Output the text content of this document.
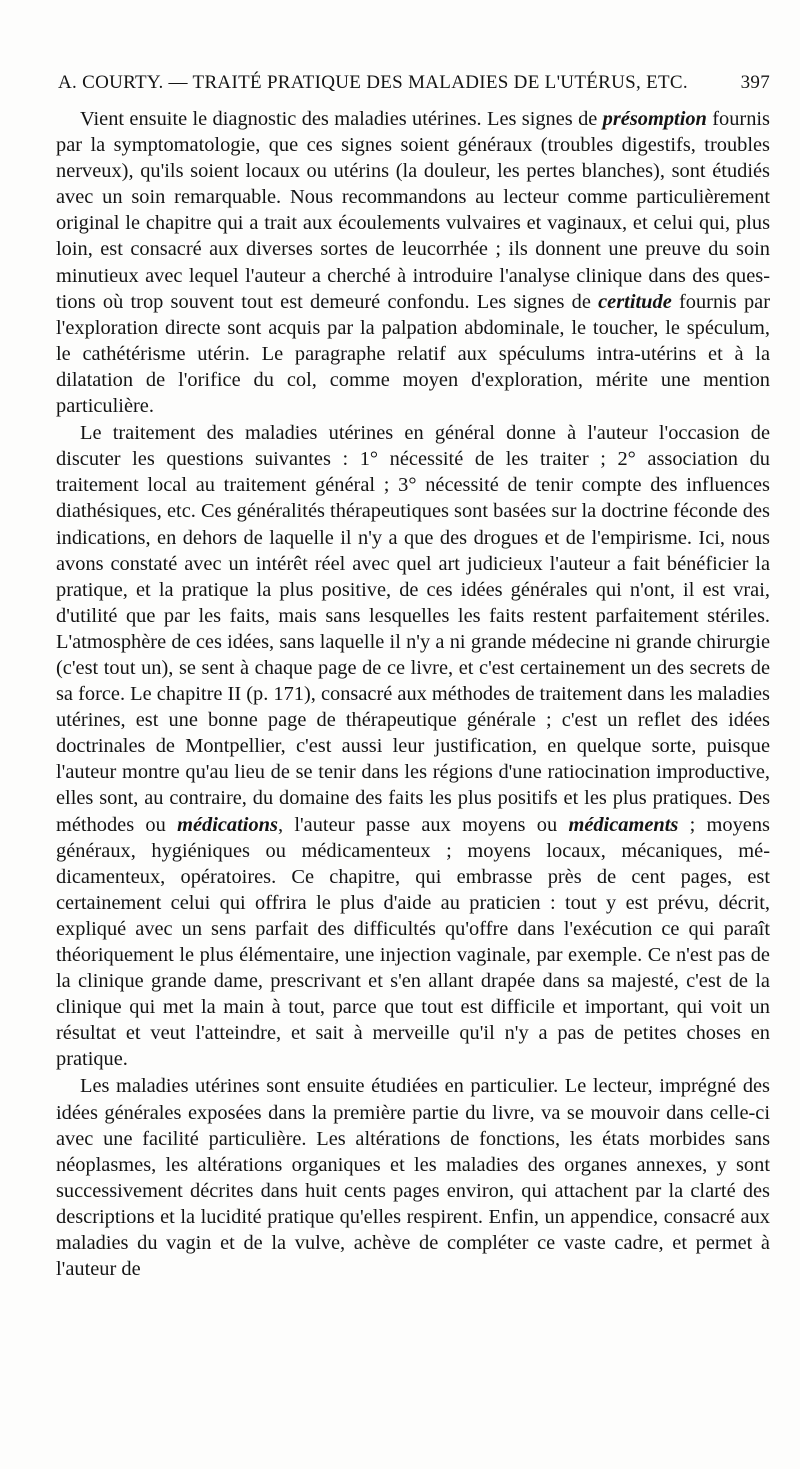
A. COURTY. — TRAITÉ PRATIQUE DES MALADIES DE L'UTÉRUS, ETC.	397

Vient ensuite le diagnostic des maladies utérines. Les signes de présomption fournis par la symptomatologie, que ces signes soient généraux (troubles digestifs, troubles nerveux), qu'ils soient locaux ou utérins (la douleur, les pertes blanches), sont étudiés avec un soin remarquable. Nous recommandons au lecteur comme particulièrement original le chapitre qui a trait aux écoulements vulvaires et vaginaux, et celui qui, plus loin, est consacré aux diverses sortes de leucorrhée ; ils donnent une preuve du soin minutieux avec lequel l'auteur a cherché à introduire l'analyse clinique dans des questions où trop souvent tout est demeuré confondu. Les signes de certitude fournis par l'exploration directe sont acquis par la palpation abdominale, le toucher, le spéculum, le cathétérisme utérin. Le paragraphe relatif aux spéculums intra-utérins et à la dilatation de l'orifice du col, comme moyen d'exploration, mérite une mention particulière.

Le traitement des maladies utérines en général donne à l'auteur l'occasion de discuter les questions suivantes : 1° nécessité de les traiter ; 2° association du traitement local au traitement général ; 3° nécessité de tenir compte des influences diathésiques, etc. Ces généralités thérapeutiques sont basées sur la doctrine féconde des indications, en dehors de laquelle il n'y a que des drogues et de l'empirisme. Ici, nous avons constaté avec un intérêt réel avec quel art judicieux l'auteur a fait bénéficier la pratique, et la pratique la plus positive, de ces idées générales qui n'ont, il est vrai, d'utilité que par les faits, mais sans lesquelles les faits restent parfaitement stériles. L'atmosphère de ces idées, sans laquelle il n'y a ni grande médecine ni grande chirurgie (c'est tout un), se sent à chaque page de ce livre, et c'est certainement un des secrets de sa force. Le chapitre II (p. 171), consacré aux méthodes de traitement dans les maladies utérines, est une bonne page de thérapeutique générale ; c'est un reflet des idées doctrinales de Montpellier, c'est aussi leur justification, en quelque sorte, puisque l'auteur montre qu'au lieu de se tenir dans les régions d'une ratiocination improductive, elles sont, au contraire, du domaine des faits les plus positifs et les plus pratiques. Des méthodes ou médications, l'auteur passe aux moyens ou médicaments ; moyens généraux, hygiéniques ou médicamenteux ; moyens locaux, mécaniques, médicamenteux, opératoires. Ce chapitre, qui embrasse près de cent pages, est certainement celui qui offrira le plus d'aide au praticien : tout y est prévu, décrit, expliqué avec un sens parfait des difficultés qu'offre dans l'exécution ce qui paraît théoriquement le plus élémentaire, une injection vaginale, par exemple. Ce n'est pas de la clinique grande dame, prescrivant et s'en allant drapée dans sa majesté, c'est de la clinique qui met la main à tout, parce que tout est difficile et important, qui voit un résultat et veut l'atteindre, et sait à merveille qu'il n'y a pas de petites choses en pratique.

Les maladies utérines sont ensuite étudiées en particulier. Le lecteur, imprégné des idées générales exposées dans la première partie du livre, va se mouvoir dans celle-ci avec une facilité particulière. Les altérations de fonctions, les états morbides sans néoplasmes, les altérations organiques et les maladies des organes annexes, y sont successivement décrites dans huit cents pages environ, qui attachent par la clarté des descriptions et la lucidité pratique qu'elles respirent. Enfin, un appendice, consacré aux maladies du vagin et de la vulve, achève de compléter ce vaste cadre, et permet à l'auteur de
